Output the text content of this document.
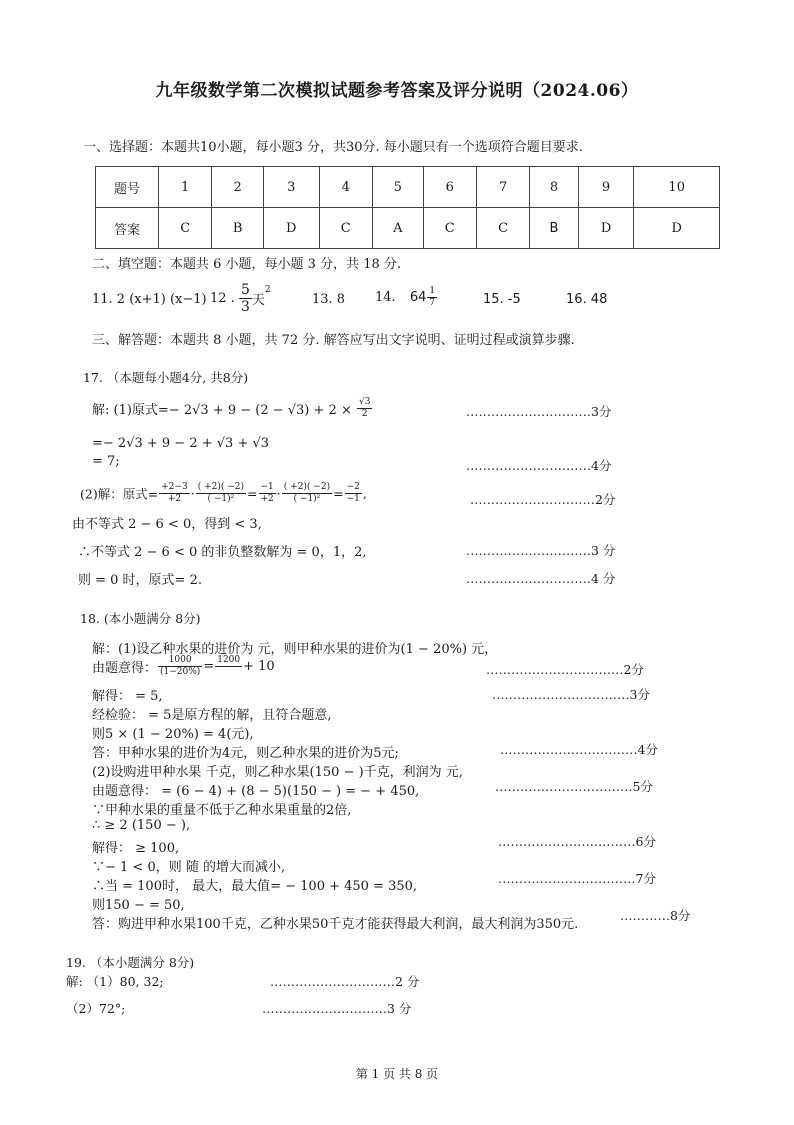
九年级数学第二次模拟试题参考答案及评分说明（2024.06）
一、选择题：本题共10小题，每小题3 分，共30分. 每小题只有一个选项符合题目要求.
题号	1	2	3	4	5	6	7	8	9	10
答案	C	B	D	C	A	C	C	B	D	D
二、填空题：本题共 6 小题，每小题 3 分，共 18 分.
11. 2 (x+1) (x−1) 12 . $\frac{5}{3}$ 天$^2$
13. 8 14. $64 \frac{1}{7}$	15. -5	16. 48
三、解答题：本题共 8 小题，共 72 分. 解答应写出文字说明、证明过程或演算步骤.
17. （本题每小题4分, 共8分)
解: (1)原式=− $2√3 + 9 - (2 - √3) + 2 \times \frac{√3}{2}$	…………………………3分
=− 2√3 + 9 − 2 + √3 + √3
= 7;	…………………………4分
(2)解：原式= $\frac{+2-3}{+2} \cdot \frac{( +2)( -2)}{\text{( −1)²}} = \frac{-1}{+2} \cdot \frac{( +2)( -2)}{\text{( −1)²}} = \frac{-2}{-1}$ ,	…………………………2分
由不等式 2 − 6 < 0，得到 < 3,
∴不等式 2 − 6 < 0 的非负整数解为 = 0，1，2,	…………………………3 分
则 = 0 时，原式= 2.	…………………………4 分
18. (本小题满分 8分)
解：(1)设乙种水果的进价为 元，则甲种水果的进价为(1 − 20%) 元，
由题意得： $\frac{1000}{(1-20\%)} = 1200$
+ 10	……………………………2分
解得： = 5,	……………………………3分
经检验： = 5是原方程的解，且符合题意,
则5 × (1 − 20%) = 4(元),
答：甲种水果的进价为4元，则乙种水果的进价为5元;	……………………………4分
(2)设购进甲种水果 千克，则乙种水果(150 − )千克，利润为 元,
由题意得： = (6 − 4) + (8 − 5)(150 − ) = − + 450,	……………………………5分
∵甲种水果的重量不低于乙种水果重量的2倍,
∴ ≥ 2 (150 − ),
解得： ≥ 100,	……………………………6分
∵− 1 < 0，则 随 的增大而减小,
∴当 = 100时， 最大，最大值= − 100 + 450 = 350,
……………………………7分
则150 − = 50,
答：购进甲种水果100千克，乙种水果50千克才能获得最大利润，最大利润为350元.
…………8分
19. （本小题满分 8分)
解: （1）80, 32;	…………………………2 分
（2）72°;	…………………………3 分
第 1 页 共 8 页
